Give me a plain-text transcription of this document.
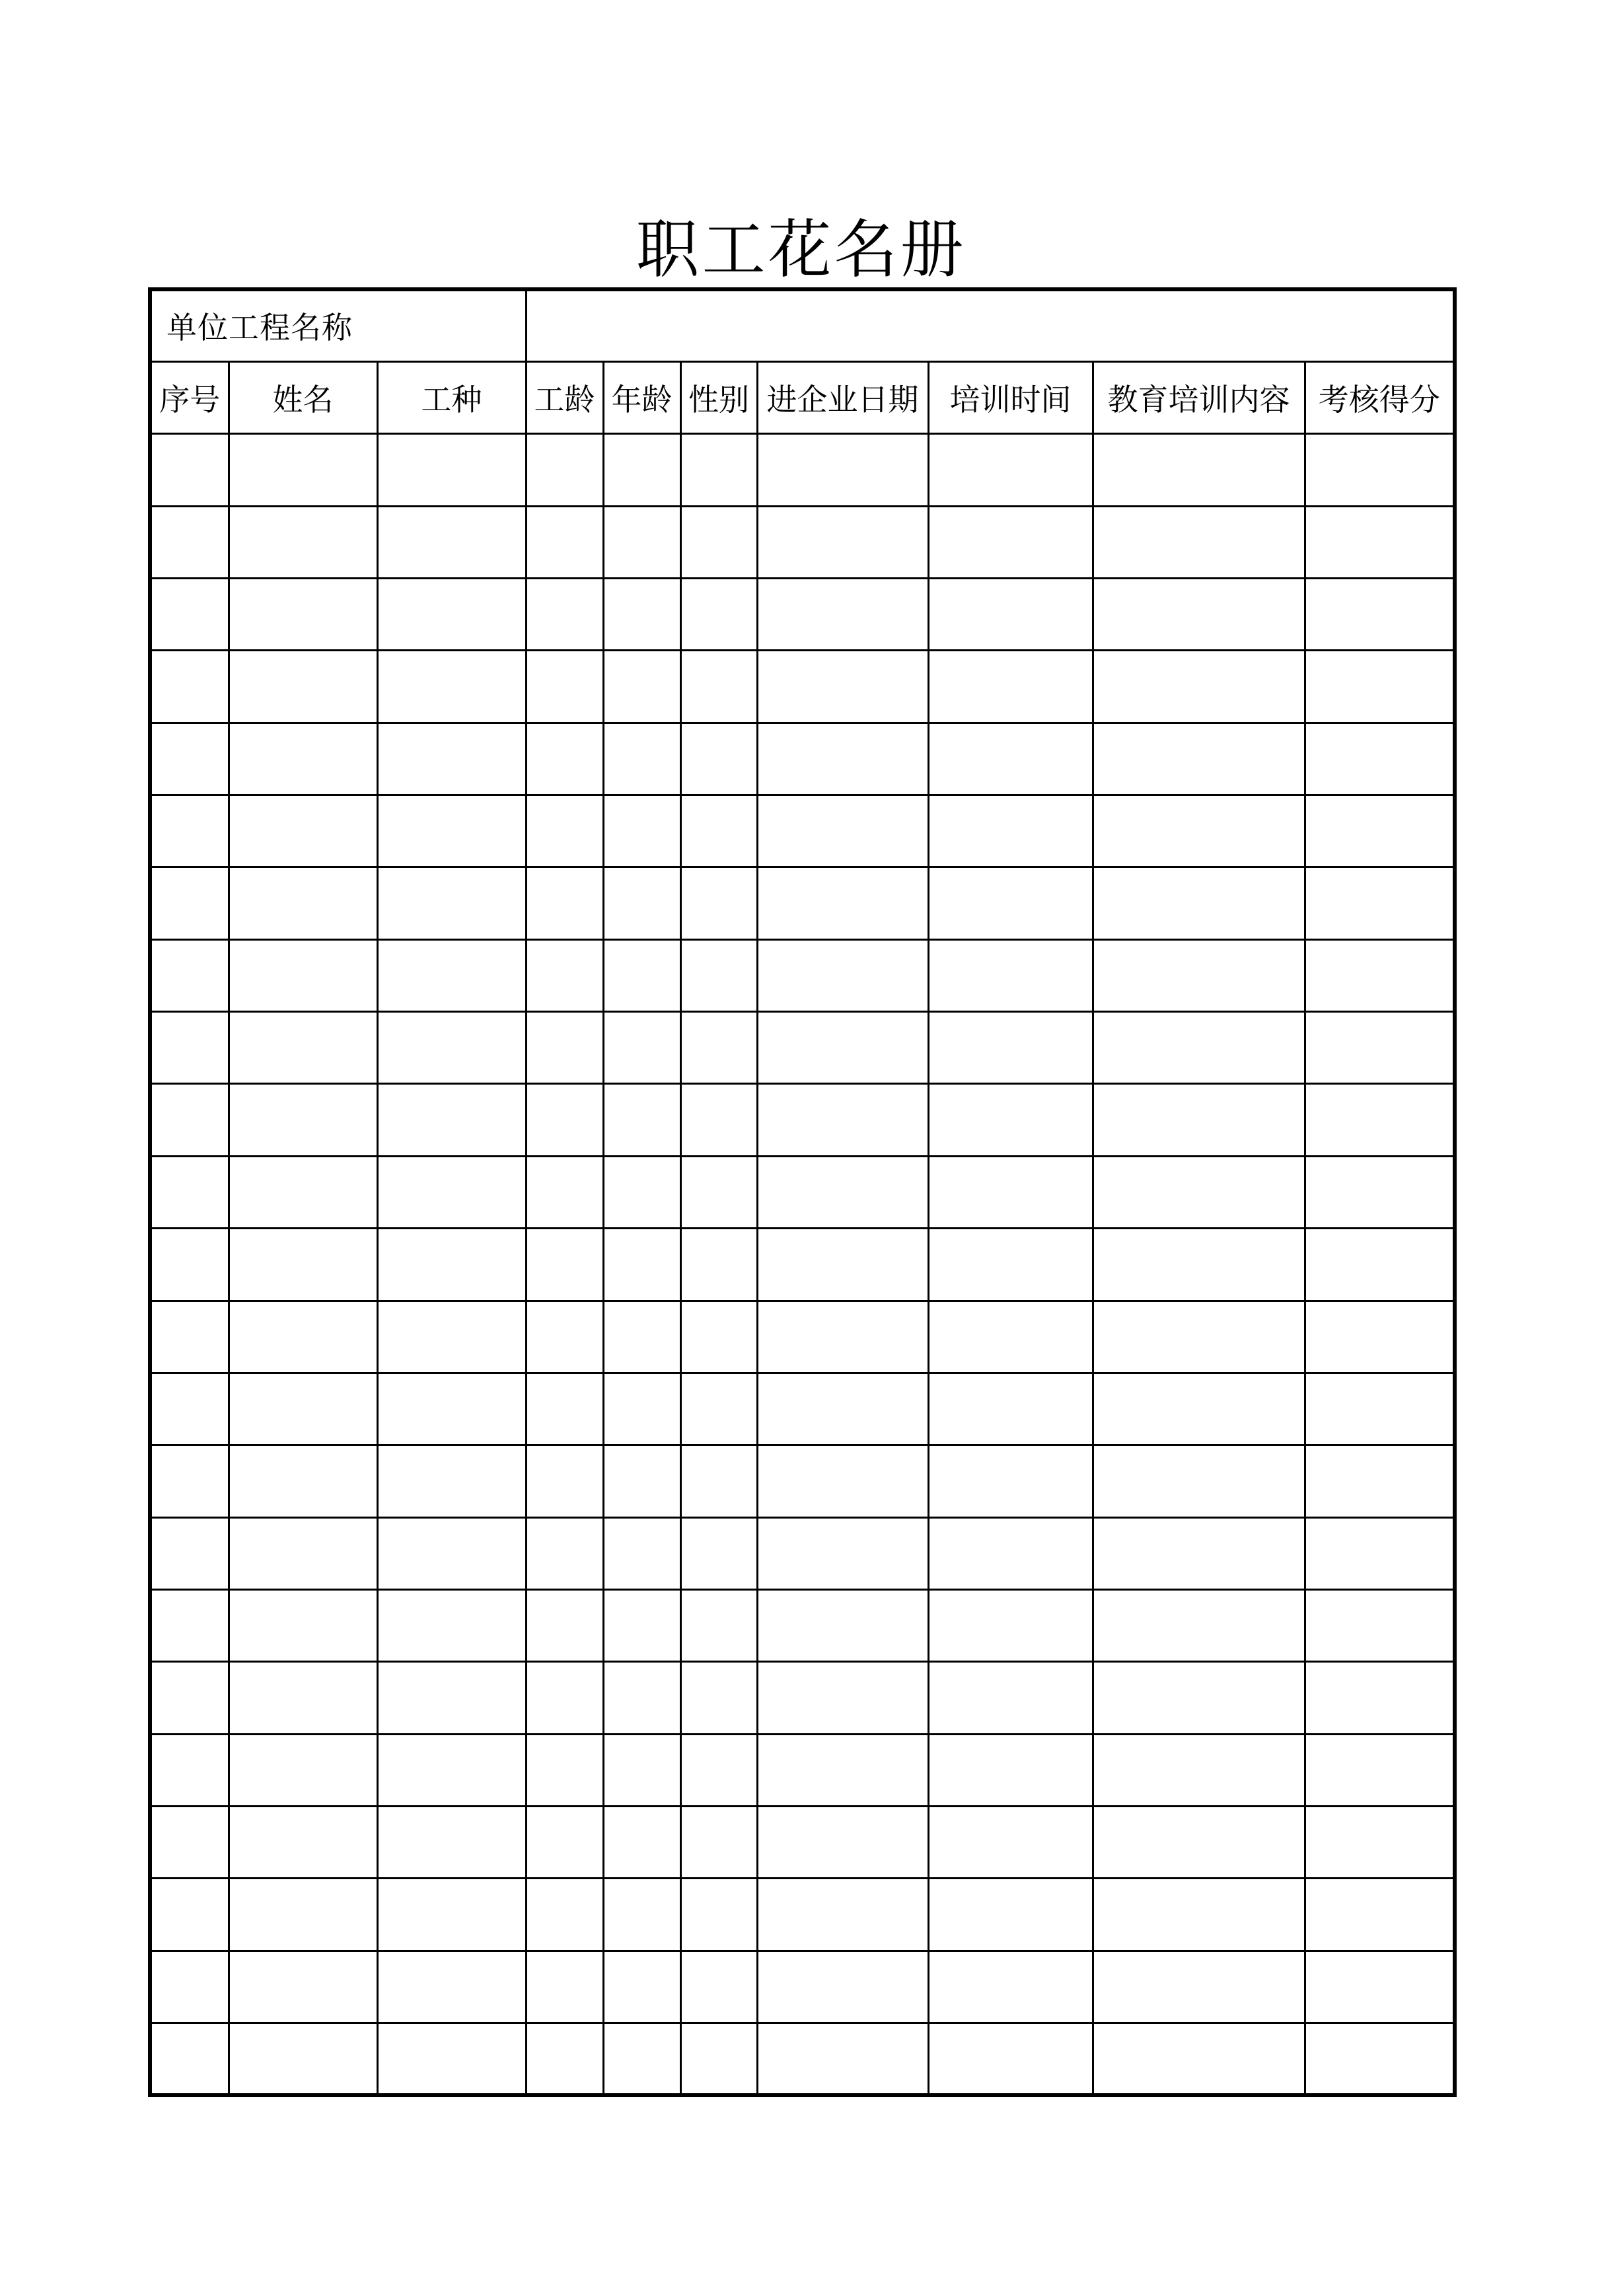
职工花名册
单位工程名称									
序号	姓名	工种	工龄	年龄	性别	进企业日期	培训时间	教育培训内容	考核得分
